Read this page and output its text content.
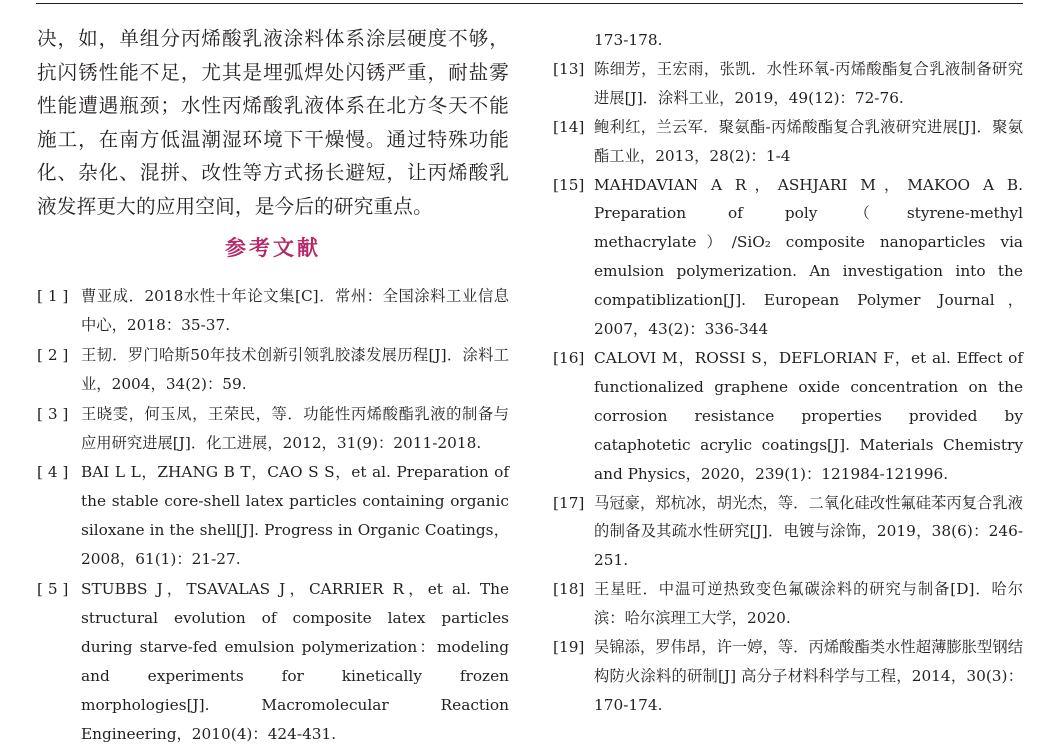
决，如，单组分丙烯酸乳液涂料体系涂层硬度不够，抗闪锈性能不足，尤其是埋弧焊处闪锈严重，耐盐雾性能遭遇瓶颈；水性丙烯酸乳液体系在北方冬天不能施工，在南方低温潮湿环境下干燥慢。通过特殊功能化、杂化、混拼、改性等方式扬长避短，让丙烯酸乳液发挥更大的应用空间，是今后的研究重点。

参考文献
[ 1 ] 曹亚成．2018水性十年论文集[C]．常州：全国涂料工业信息中心，2018：35-37.
[ 2 ] 王韧．罗门哈斯50年技术创新引领乳胶漆发展历程[J]．涂料工业，2004，34(2)：59.
[ 3 ] 王晓雯，何玉凤，王荣民，等．功能性丙烯酸酯乳液的制备与应用研究进展[J]．化工进展，2012，31(9)：2011-2018.
[ 4 ] BAI L L，ZHANG B T，CAO S S，et al. Preparation of the stable core-shell latex particles containing organic siloxane in the shell[J]. Progress in Organic Coatings，2008，61(1)：21-27.
[ 5 ] STUBBS J，TSAVALAS J，CARRIER R，et al. The structural evolution of composite latex particles during starve-fed emulsion polymerization：modeling and experiments for kinetically frozen morphologies[J]. Macromolecular Reaction Engineering，2010(4)：424-431.
173-178.
[13] 陈细芳，王宏雨，张凯．水性环氧-丙烯酸酯复合乳液制备研究进展[J]．涂料工业，2019，49(12)：72-76.
[14] 鲍利红，兰云军．聚氨酯-丙烯酸酯复合乳液研究进展[J]．聚氨酯工业，2013，28(2)：1-4
[15] MAHDAVIAN A R，ASHJARI M，MAKOO A B. Preparation of poly（styrene-methyl methacrylate）/SiO₂ composite nanoparticles via emulsion polymerization. An investigation into the compatiblization[J]. European Polymer Journal，2007，43(2)：336-344
[16] CALOVI M，ROSSI S，DEFLORIAN F，et al. Effect of functionalized graphene oxide concentration on the corrosion resistance properties provided by cataphotetic acrylic coatings[J]. Materials Chemistry and Physics，2020，239(1)：121984-121996.
[17] 马冠豪，郑杭冰，胡光杰，等．二氧化硅改性氟硅苯丙复合乳液的制备及其疏水性研究[J]．电镀与涂饰，2019，38(6)：246-251.
[18] 王星旺．中温可逆热致变色氟碳涂料的研究与制备[D]．哈尔滨：哈尔滨理工大学，2020.
[19] 吴锦添，罗伟昂，许一婷，等．丙烯酸酯类水性超薄膨胀型钢结构防火涂料的研制[J] 高分子材料科学与工程，2014，30(3)：170-174.
